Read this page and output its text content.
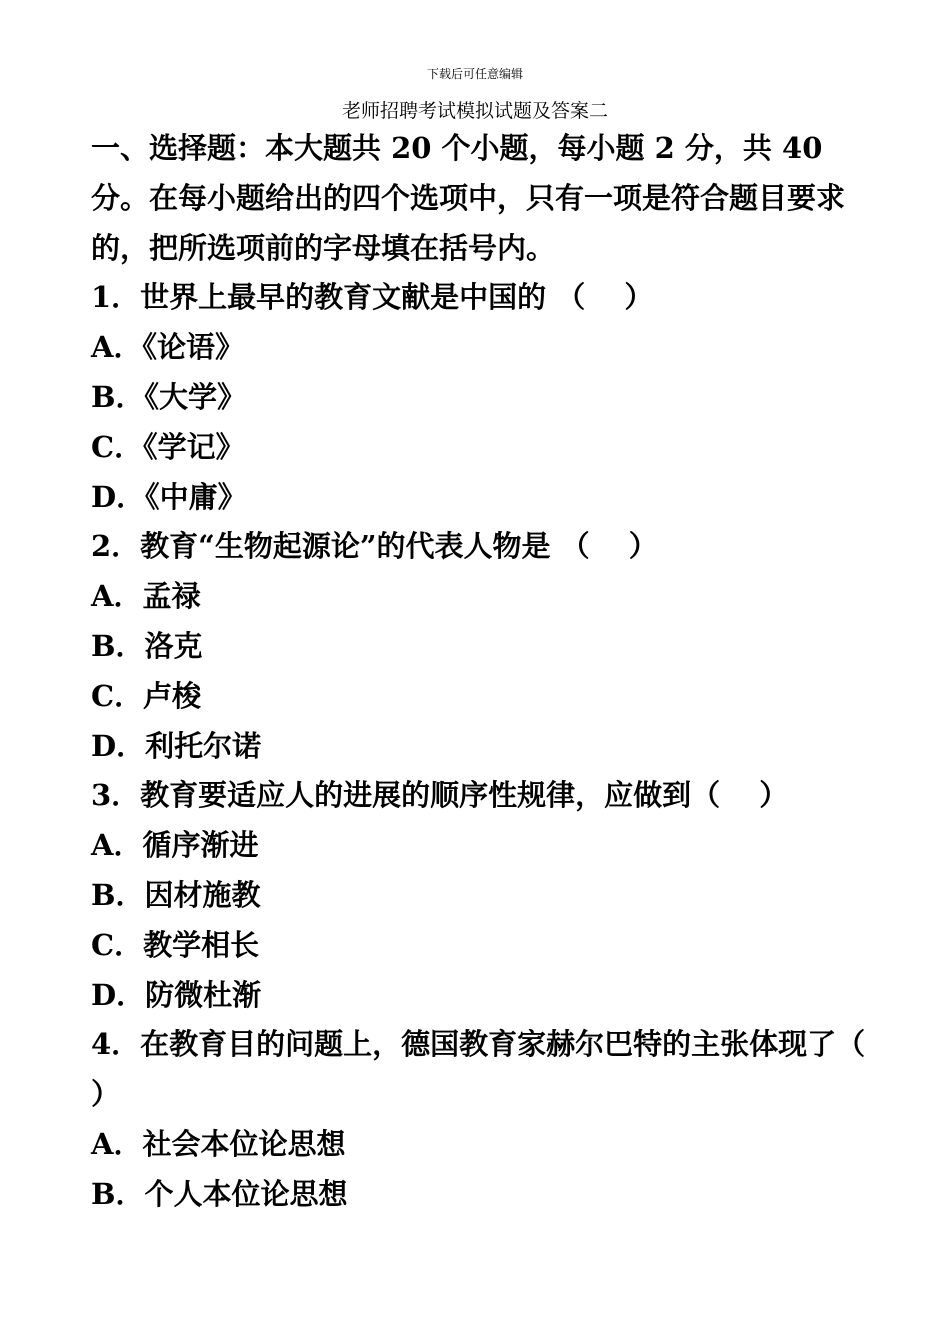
下载后可任意编辑
老师招聘考试模拟试题及答案二

一、选择题：本大题共 20 个小题，每小题 2 分，共 40 分。在每小题给出的四个选项中，只有一项是符合题目要求的，把所选项前的字母填在括号内。

1．世界上最早的教育文献是中国的 （　 ）

A．《论语》

B．《大学》

C．《学记》

D．《中庸》

2．教育“生物起源论”的代表人物是 （　 ）

A．孟禄

B．洛克

C．卢梭

D．利托尔诺

3．教育要适应人的进展的顺序性规律，应做到（　 ）

A．循序渐进

B．因材施教

C．教学相长

D．防微杜渐

4．在教育目的问题上，德国教育家赫尔巴特的主张体现了（　 ）

A．社会本位论思想

B．个人本位论思想
